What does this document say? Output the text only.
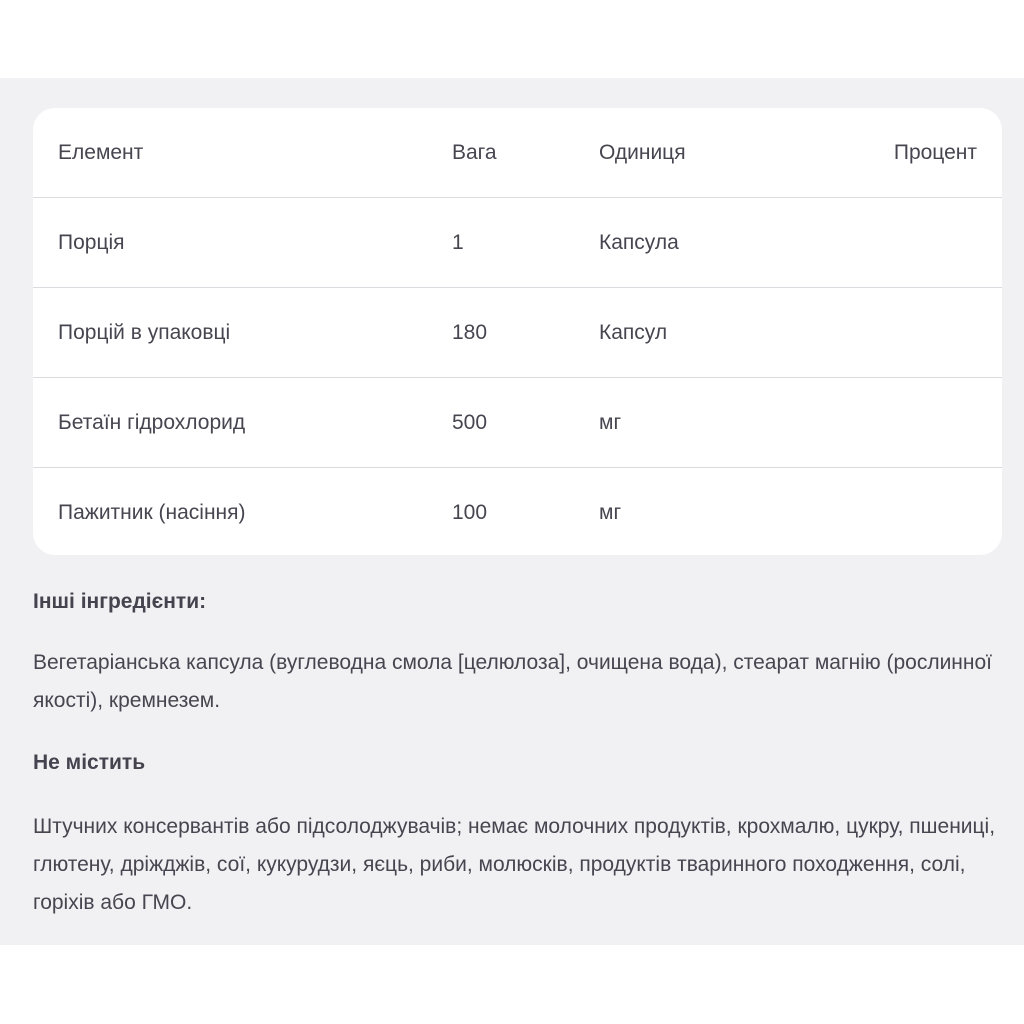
Елемент	Вага	Одиниця	Процент
Порція	1	Капсула
Порцій в упаковці	180	Капсул
Бетаїн гідрохлорид	500	мг
Пажитник (насіння)	100	мг
Інші інгредієнти:
Вегетаріанська капсула (вуглеводна смола [целюлоза], очищена вода), стеарат магнію (рослинної якості), кремнезем.
Не містить
Штучних консервантів або підсолоджувачів; немає молочних продуктів, крохмалю, цукру, пшениці, глютену, дріжджів, сої, кукурудзи, яєць, риби, молюсків, продуктів тваринного походження, солі, горіхів або ГМО.
